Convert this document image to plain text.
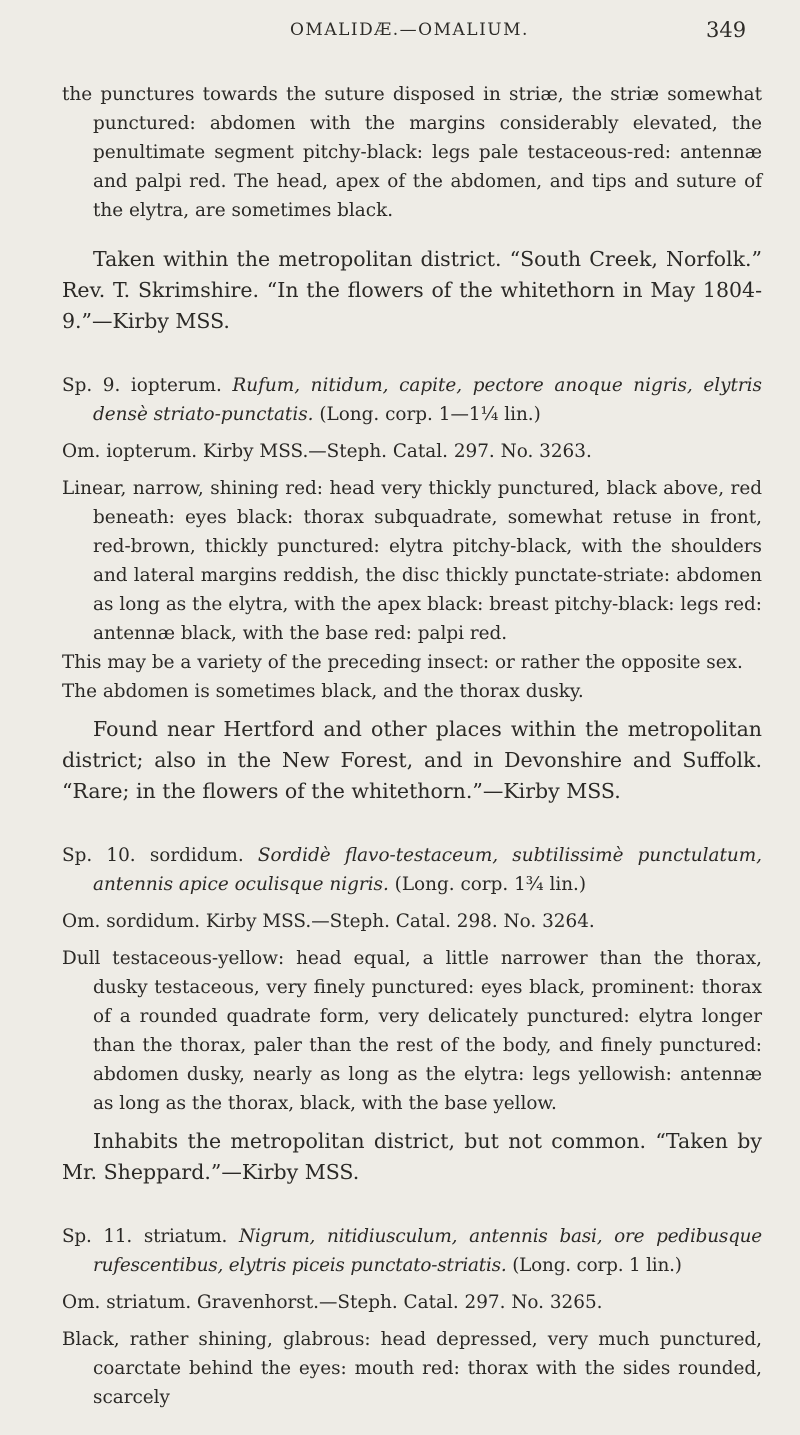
OMALIDÆ.—OMALIUM.	349

the punctures towards the suture disposed in striæ, the striæ somewhat punctured: abdomen with the margins considerably elevated, the penultimate segment pitchy-black: legs pale testaceous-red: antennæ and palpi red. The head, apex of the abdomen, and tips and suture of the elytra, are sometimes black.

Taken within the metropolitan district. “South Creek, Norfolk.” Rev. T. Skrimshire. “In the flowers of the whitethorn in May 1804-9.”—Kirby MSS.

Sp. 9. iopterum. Rufum, nitidum, capite, pectore anoque nigris, elytris densè striato-punctatis. (Long. corp. 1—1¼ lin.)

Om. iopterum. Kirby MSS.—Steph. Catal. 297. No. 3263.

Linear, narrow, shining red: head very thickly punctured, black above, red beneath: eyes black: thorax subquadrate, somewhat retuse in front, red-brown, thickly punctured: elytra pitchy-black, with the shoulders and lateral margins reddish, the disc thickly punctate-striate: abdomen as long as the elytra, with the apex black: breast pitchy-black: legs red: antennæ black, with the base red: palpi red.

This may be a variety of the preceding insect: or rather the opposite sex.

The abdomen is sometimes black, and the thorax dusky.

Found near Hertford and other places within the metropolitan district; also in the New Forest, and in Devonshire and Suffolk. “Rare; in the flowers of the whitethorn.”—Kirby MSS.

Sp. 10. sordidum. Sordidè flavo-testaceum, subtilissimè punctulatum, antennis apice oculisque nigris. (Long. corp. 1¾ lin.)

Om. sordidum. Kirby MSS.—Steph. Catal. 298. No. 3264.

Dull testaceous-yellow: head equal, a little narrower than the thorax, dusky testaceous, very finely punctured: eyes black, prominent: thorax of a rounded quadrate form, very delicately punctured: elytra longer than the thorax, paler than the rest of the body, and finely punctured: abdomen dusky, nearly as long as the elytra: legs yellowish: antennæ as long as the thorax, black, with the base yellow.

Inhabits the metropolitan district, but not common. “Taken by Mr. Sheppard.”—Kirby MSS.

Sp. 11. striatum. Nigrum, nitidiusculum, antennis basi, ore pedibusque rufescentibus, elytris piceis punctato-striatis. (Long. corp. 1 lin.)

Om. striatum. Gravenhorst.—Steph. Catal. 297. No. 3265.

Black, rather shining, glabrous: head depressed, very much punctured, coarctate behind the eyes: mouth red: thorax with the sides rounded, scarcely
